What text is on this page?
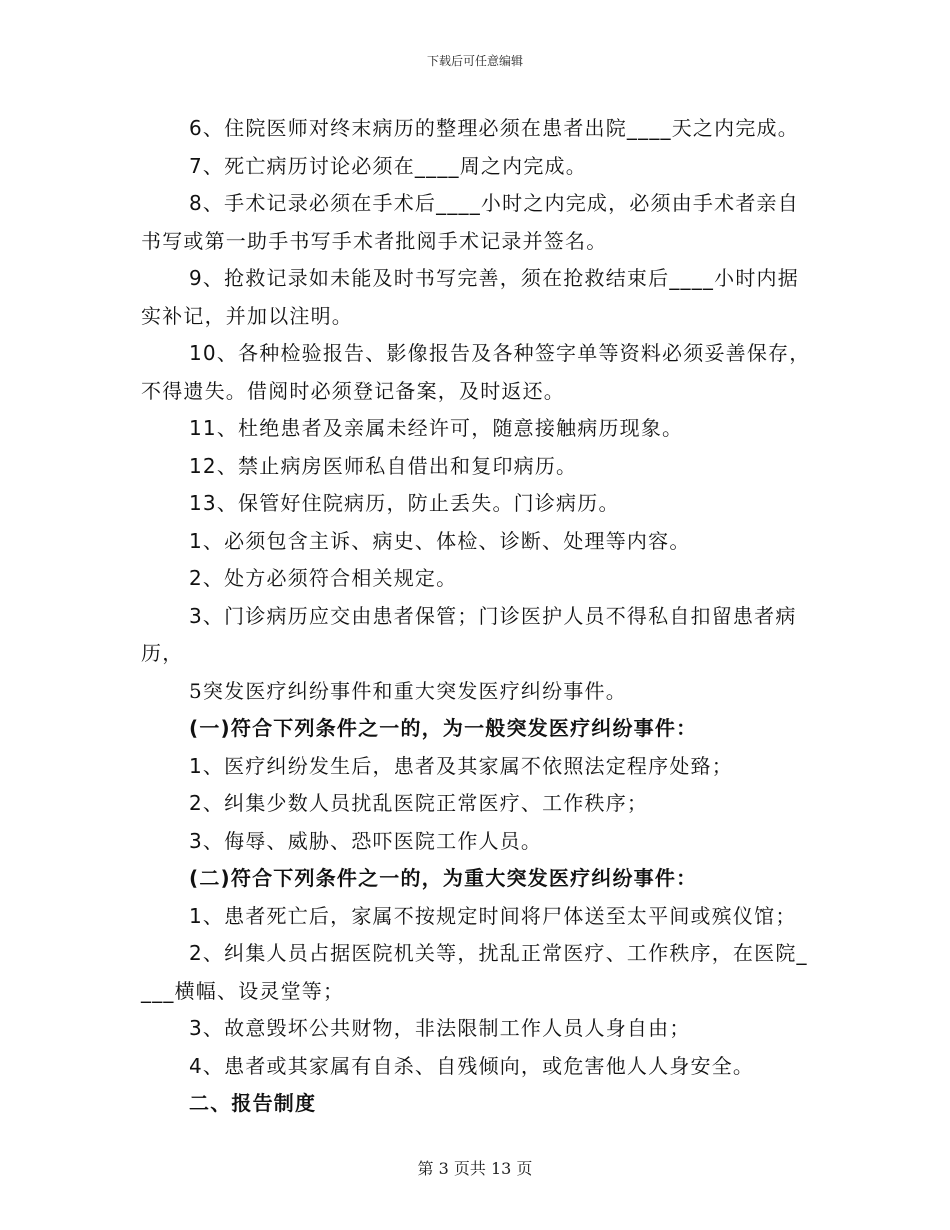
下载后可任意编辑

6、住院医师对终末病历的整理必须在患者出院____天之内完成。

7、死亡病历讨论必须在____周之内完成。

8、手术记录必须在手术后____小时之内完成，必须由手术者亲自书写或第一助手书写手术者批阅手术记录并签名。

9、抢救记录如未能及时书写完善，须在抢救结束后____小时内据实补记，并加以注明。

10、各种检验报告、影像报告及各种签字单等资料必须妥善保存，不得遗失。借阅时必须登记备案，及时返还。

11、杜绝患者及亲属未经许可，随意接触病历现象。

12、禁止病房医师私自借出和复印病历。

13、保管好住院病历，防止丢失。门诊病历。

1、必须包含主诉、病史、体检、诊断、处理等内容。

2、处方必须符合相关规定。

3、门诊病历应交由患者保管；门诊医护人员不得私自扣留患者病历，

5突发医疗纠纷事件和重大突发医疗纠纷事件。

(一)符合下列条件之一的，为一般突发医疗纠纷事件：

1、医疗纠纷发生后，患者及其家属不依照法定程序处臵；

2、纠集少数人员扰乱医院正常医疗、工作秩序；

3、侮辱、威胁、恐吓医院工作人员。

(二)符合下列条件之一的，为重大突发医疗纠纷事件：

1、患者死亡后，家属不按规定时间将尸体送至太平间或殡仪馆；

2、纠集人员占据医院机关等，扰乱正常医疗、工作秩序，在医院____横幅、设灵堂等；

3、故意毁坏公共财物，非法限制工作人员人身自由；

4、患者或其家属有自杀、自残倾向，或危害他人人身安全。

二、报告制度

第 3 页共 13 页
